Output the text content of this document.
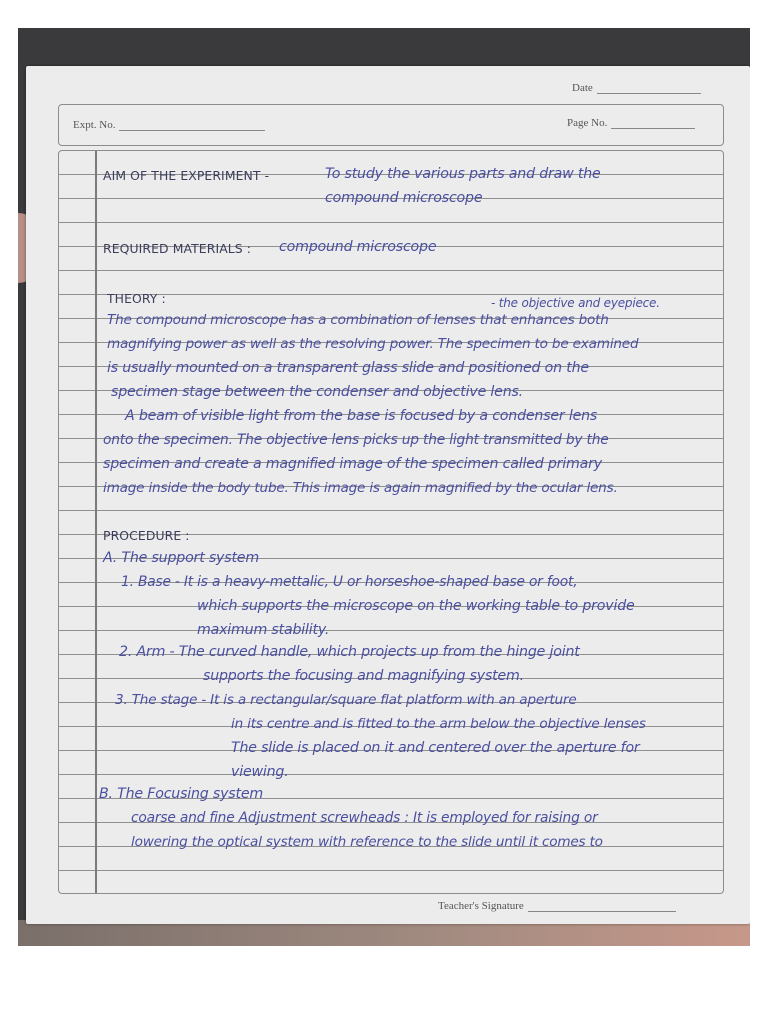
Date
Expt. No.	Page No.
AIM OF THE EXPERIMENT -	To study the various parts and draw the
compound microscope
REQUIRED MATERIALS : compound microscope
THEORY :	- the objective and eyepiece.
The compound microscope has a combination of lenses that enhances both
magnifying power as well as the resolving power. The specimen to be examined
is usually mounted on a transparent glass slide and positioned on the
specimen stage between the condenser and objective lens.
A beam of visible light from the base is focused by a condenser lens
onto the specimen. The objective lens picks up the light transmitted by the
specimen and create a magnified image of the specimen called primary
image inside the body tube. This image is again magnified by the ocular lens.
PROCEDURE :
A. The support system
1. Base - It is a heavy-mettalic, U or horseshoe-shaped base or foot,
which supports the microscope on the working table to provide
maximum stability.
2. Arm - The curved handle, which projects up from the hinge joint
supports the focusing and magnifying system.
3. The stage - It is a rectangular/square flat platform with an aperture
in its centre and is fitted to the arm below the objective lenses
The slide is placed on it and centered over the aperture for
viewing.
B. The Focusing system
coarse and fine Adjustment screwheads : It is employed for raising or
lowering the optical system with reference to the slide until it comes to
Teacher's Signature
